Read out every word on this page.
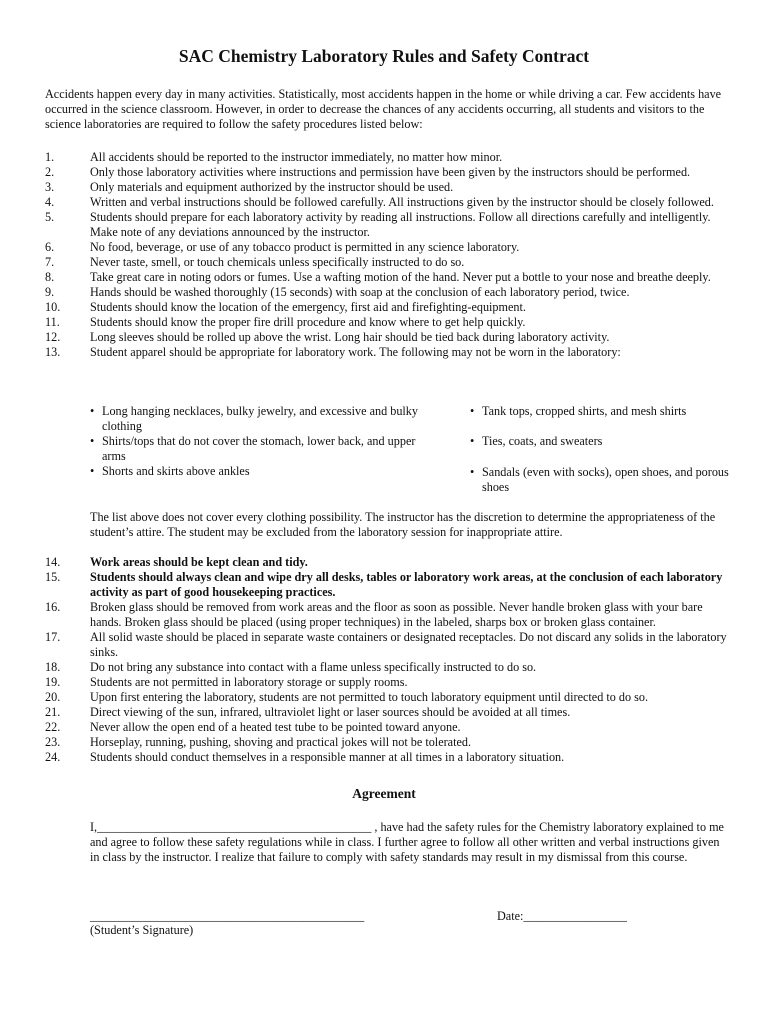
SAC Chemistry Laboratory Rules and Safety Contract
Accidents happen every day in many activities. Statistically, most accidents happen in the home or while driving a car. Few accidents have occurred in the science classroom. However, in order to decrease the chances of any accidents occurring, all students and visitors to the science laboratories are required to follow the safety procedures listed below:
1.	All accidents should be reported to the instructor immediately, no matter how minor.
2.	Only those laboratory activities where instructions and permission have been given by the instructors should be performed.
3.	Only materials and equipment authorized by the instructor should be used.
4.	Written and verbal instructions should be followed carefully. All instructions given by the instructor should be closely followed.
5.	Students should prepare for each laboratory activity by reading all instructions. Follow all directions carefully and intelligently. Make note of any deviations announced by the instructor.
6.	No food, beverage, or use of any tobacco product is permitted in any science laboratory.
7.	Never taste, smell, or touch chemicals unless specifically instructed to do so.
8.	Take great care in noting odors or fumes. Use a wafting motion of the hand. Never put a bottle to your nose and breathe deeply.
9.	Hands should be washed thoroughly (15 seconds) with soap at the conclusion of each laboratory period, twice.
10.	Students should know the location of the emergency, first aid and firefighting-equipment.
11.	Students should know the proper fire drill procedure and know where to get help quickly.
12.	Long sleeves should be rolled up above the wrist. Long hair should be tied back during laboratory activity.
13.	Student apparel should be appropriate for laboratory work. The following may not be worn in the laboratory:
• Long hanging necklaces, bulky jewelry, and excessive and bulky clothing
• Shirts/tops that do not cover the stomach, lower back, and upper arms
• Shorts and skirts above ankles
• Tank tops, cropped shirts, and mesh shirts
• Ties, coats, and sweaters
• Sandals (even with socks), open shoes, and porous shoes
The list above does not cover every clothing possibility. The instructor has the discretion to determine the appropriateness of the student’s attire. The student may be excluded from the laboratory session for inappropriate attire.
14.	Work areas should be kept clean and tidy.
15.	Students should always clean and wipe dry all desks, tables or laboratory work areas, at the conclusion of each laboratory activity as part of good housekeeping practices.
16.	Broken glass should be removed from work areas and the floor as soon as possible. Never handle broken glass with your bare hands. Broken glass should be placed (using proper techniques) in the labeled, sharps box or broken glass container.
17.	All solid waste should be placed in separate waste containers or designated receptacles. Do not discard any solids in the laboratory sinks.
18.	Do not bring any substance into contact with a flame unless specifically instructed to do so.
19.	Students are not permitted in laboratory storage or supply rooms.
20.	Upon first entering the laboratory, students are not permitted to touch laboratory equipment until directed to do so.
21.	Direct viewing of the sun, infrared, ultraviolet light or laser sources should be avoided at all times.
22.	Never allow the open end of a heated test tube to be pointed toward anyone.
23.	Horseplay, running, pushing, shoving and practical jokes will not be tolerated.
24.	Students should conduct themselves in a responsible manner at all times in a laboratory situation.
Agreement
I,_____________________________________________ , have had the safety rules for the Chemistry laboratory explained to me and agree to follow these safety regulations while in class. I further agree to follow all other written and verbal instructions given in class by the instructor. I realize that failure to comply with safety standards may result in my dismissal from this course.
_____________________________________________
(Student’s Signature)
Date:_________________
